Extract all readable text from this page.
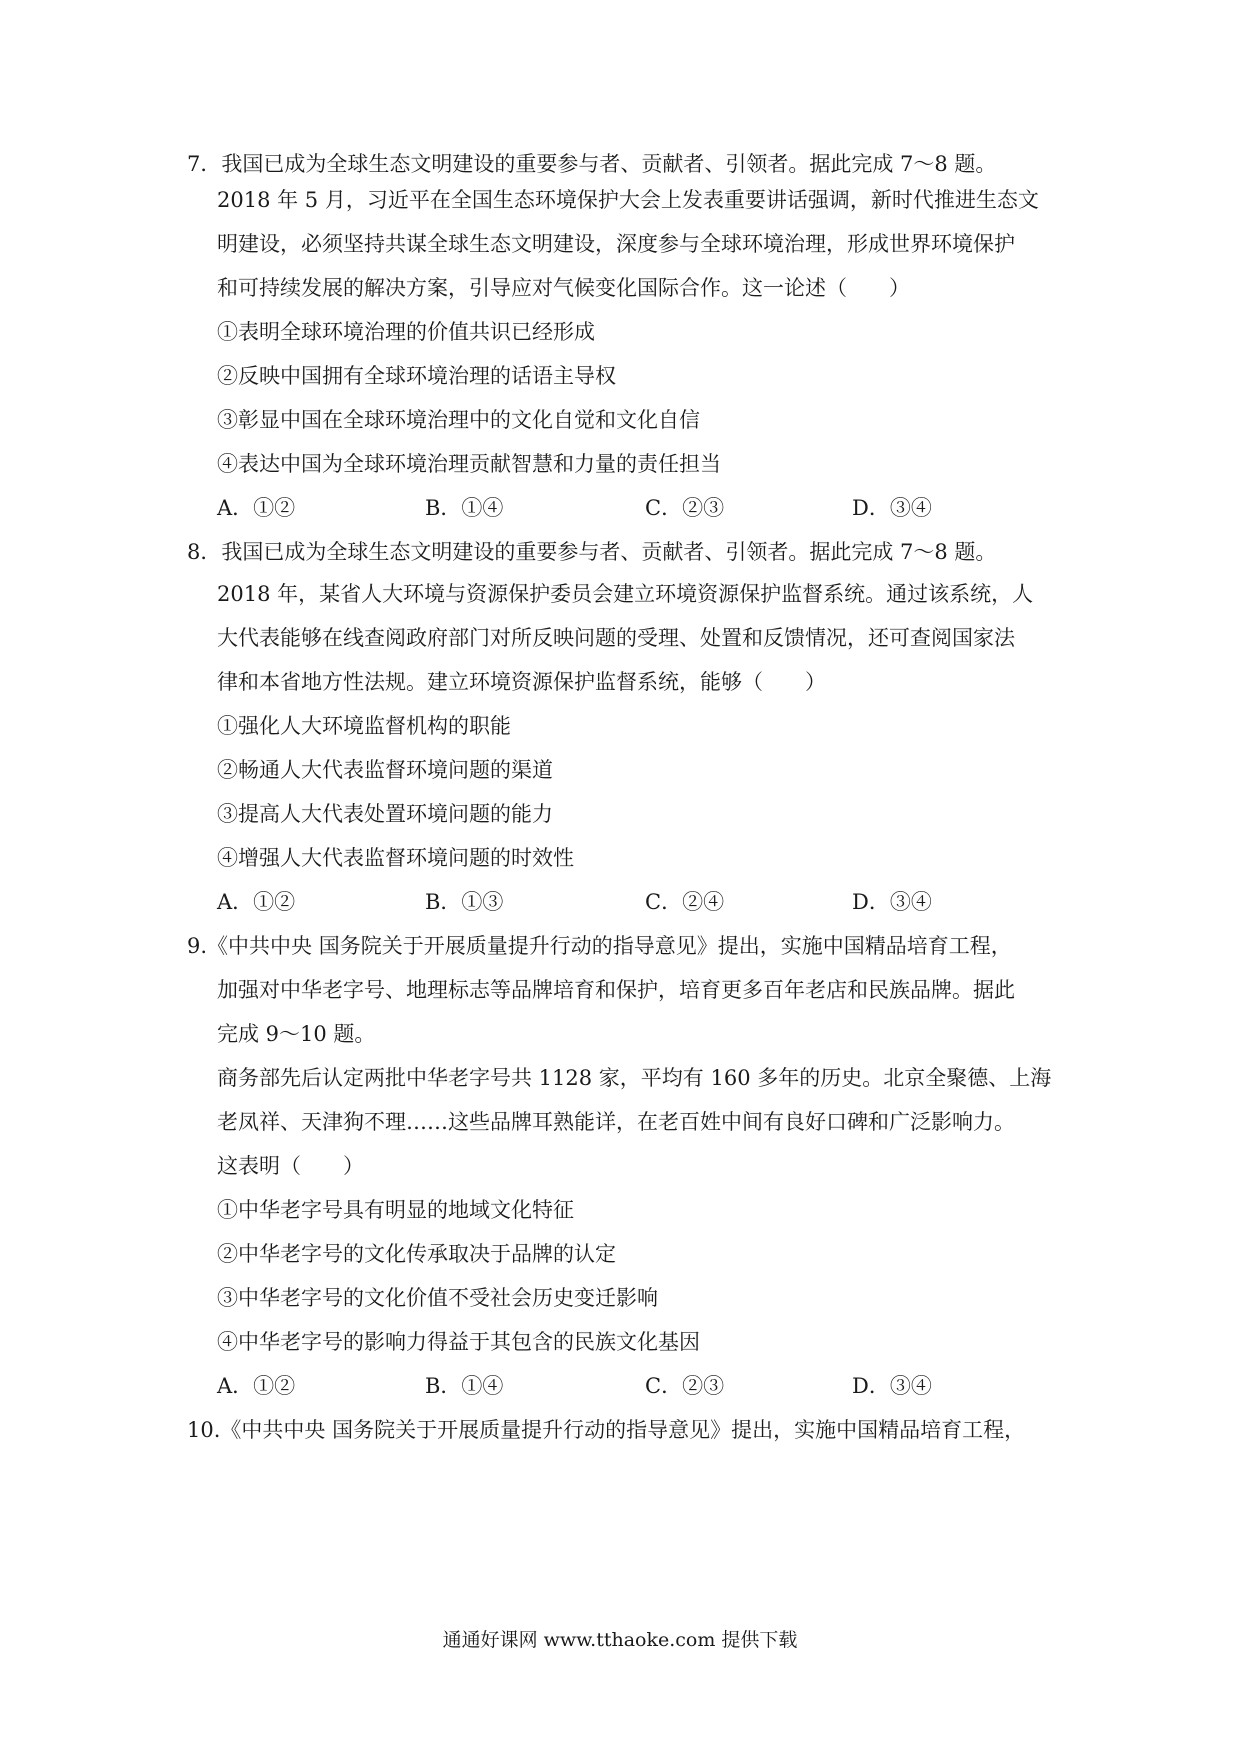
7．我国已成为全球生态文明建设的重要参与者、贡献者、引领者。据此完成 7～8 题。
2018 年 5 月，习近平在全国生态环境保护大会上发表重要讲话强调，新时代推进生态文
明建设，必须坚持共谋全球生态文明建设，深度参与全球环境治理，形成世界环境保护
和可持续发展的解决方案，引导应对气候变化国际合作。这一论述（　　）
①表明全球环境治理的价值共识已经形成
②反映中国拥有全球环境治理的话语主导权
③彰显中国在全球环境治理中的文化自觉和文化自信
④表达中国为全球环境治理贡献智慧和力量的责任担当
A．①②	B．①④	C．②③	D．③④
8．我国已成为全球生态文明建设的重要参与者、贡献者、引领者。据此完成 7～8 题。
2018 年，某省人大环境与资源保护委员会建立环境资源保护监督系统。通过该系统，人
大代表能够在线查阅政府部门对所反映问题的受理、处置和反馈情况，还可查阅国家法
律和本省地方性法规。建立环境资源保护监督系统，能够（　　）
①强化人大环境监督机构的职能
②畅通人大代表监督环境问题的渠道
③提高人大代表处置环境问题的能力
④增强人大代表监督环境问题的时效性
A．①②	B．①③	C．②④	D．③④
9.《中共中央 国务院关于开展质量提升行动的指导意见》提出，实施中国精品培育工程，
加强对中华老字号、地理标志等品牌培育和保护，培育更多百年老店和民族品牌。据此
完成 9～10 题。
商务部先后认定两批中华老字号共 1128 家，平均有 160 多年的历史。北京全聚德、上海
老凤祥、天津狗不理……这些品牌耳熟能详，在老百姓中间有良好口碑和广泛影响力。
这表明（　　）
①中华老字号具有明显的地域文化特征
②中华老字号的文化传承取决于品牌的认定
③中华老字号的文化价值不受社会历史变迁影响
④中华老字号的影响力得益于其包含的民族文化基因
A．①②	B．①④	C．②③	D．③④
10.《中共中央 国务院关于开展质量提升行动的指导意见》提出，实施中国精品培育工程，
通通好课网 www.tthaoke.com 提供下载
